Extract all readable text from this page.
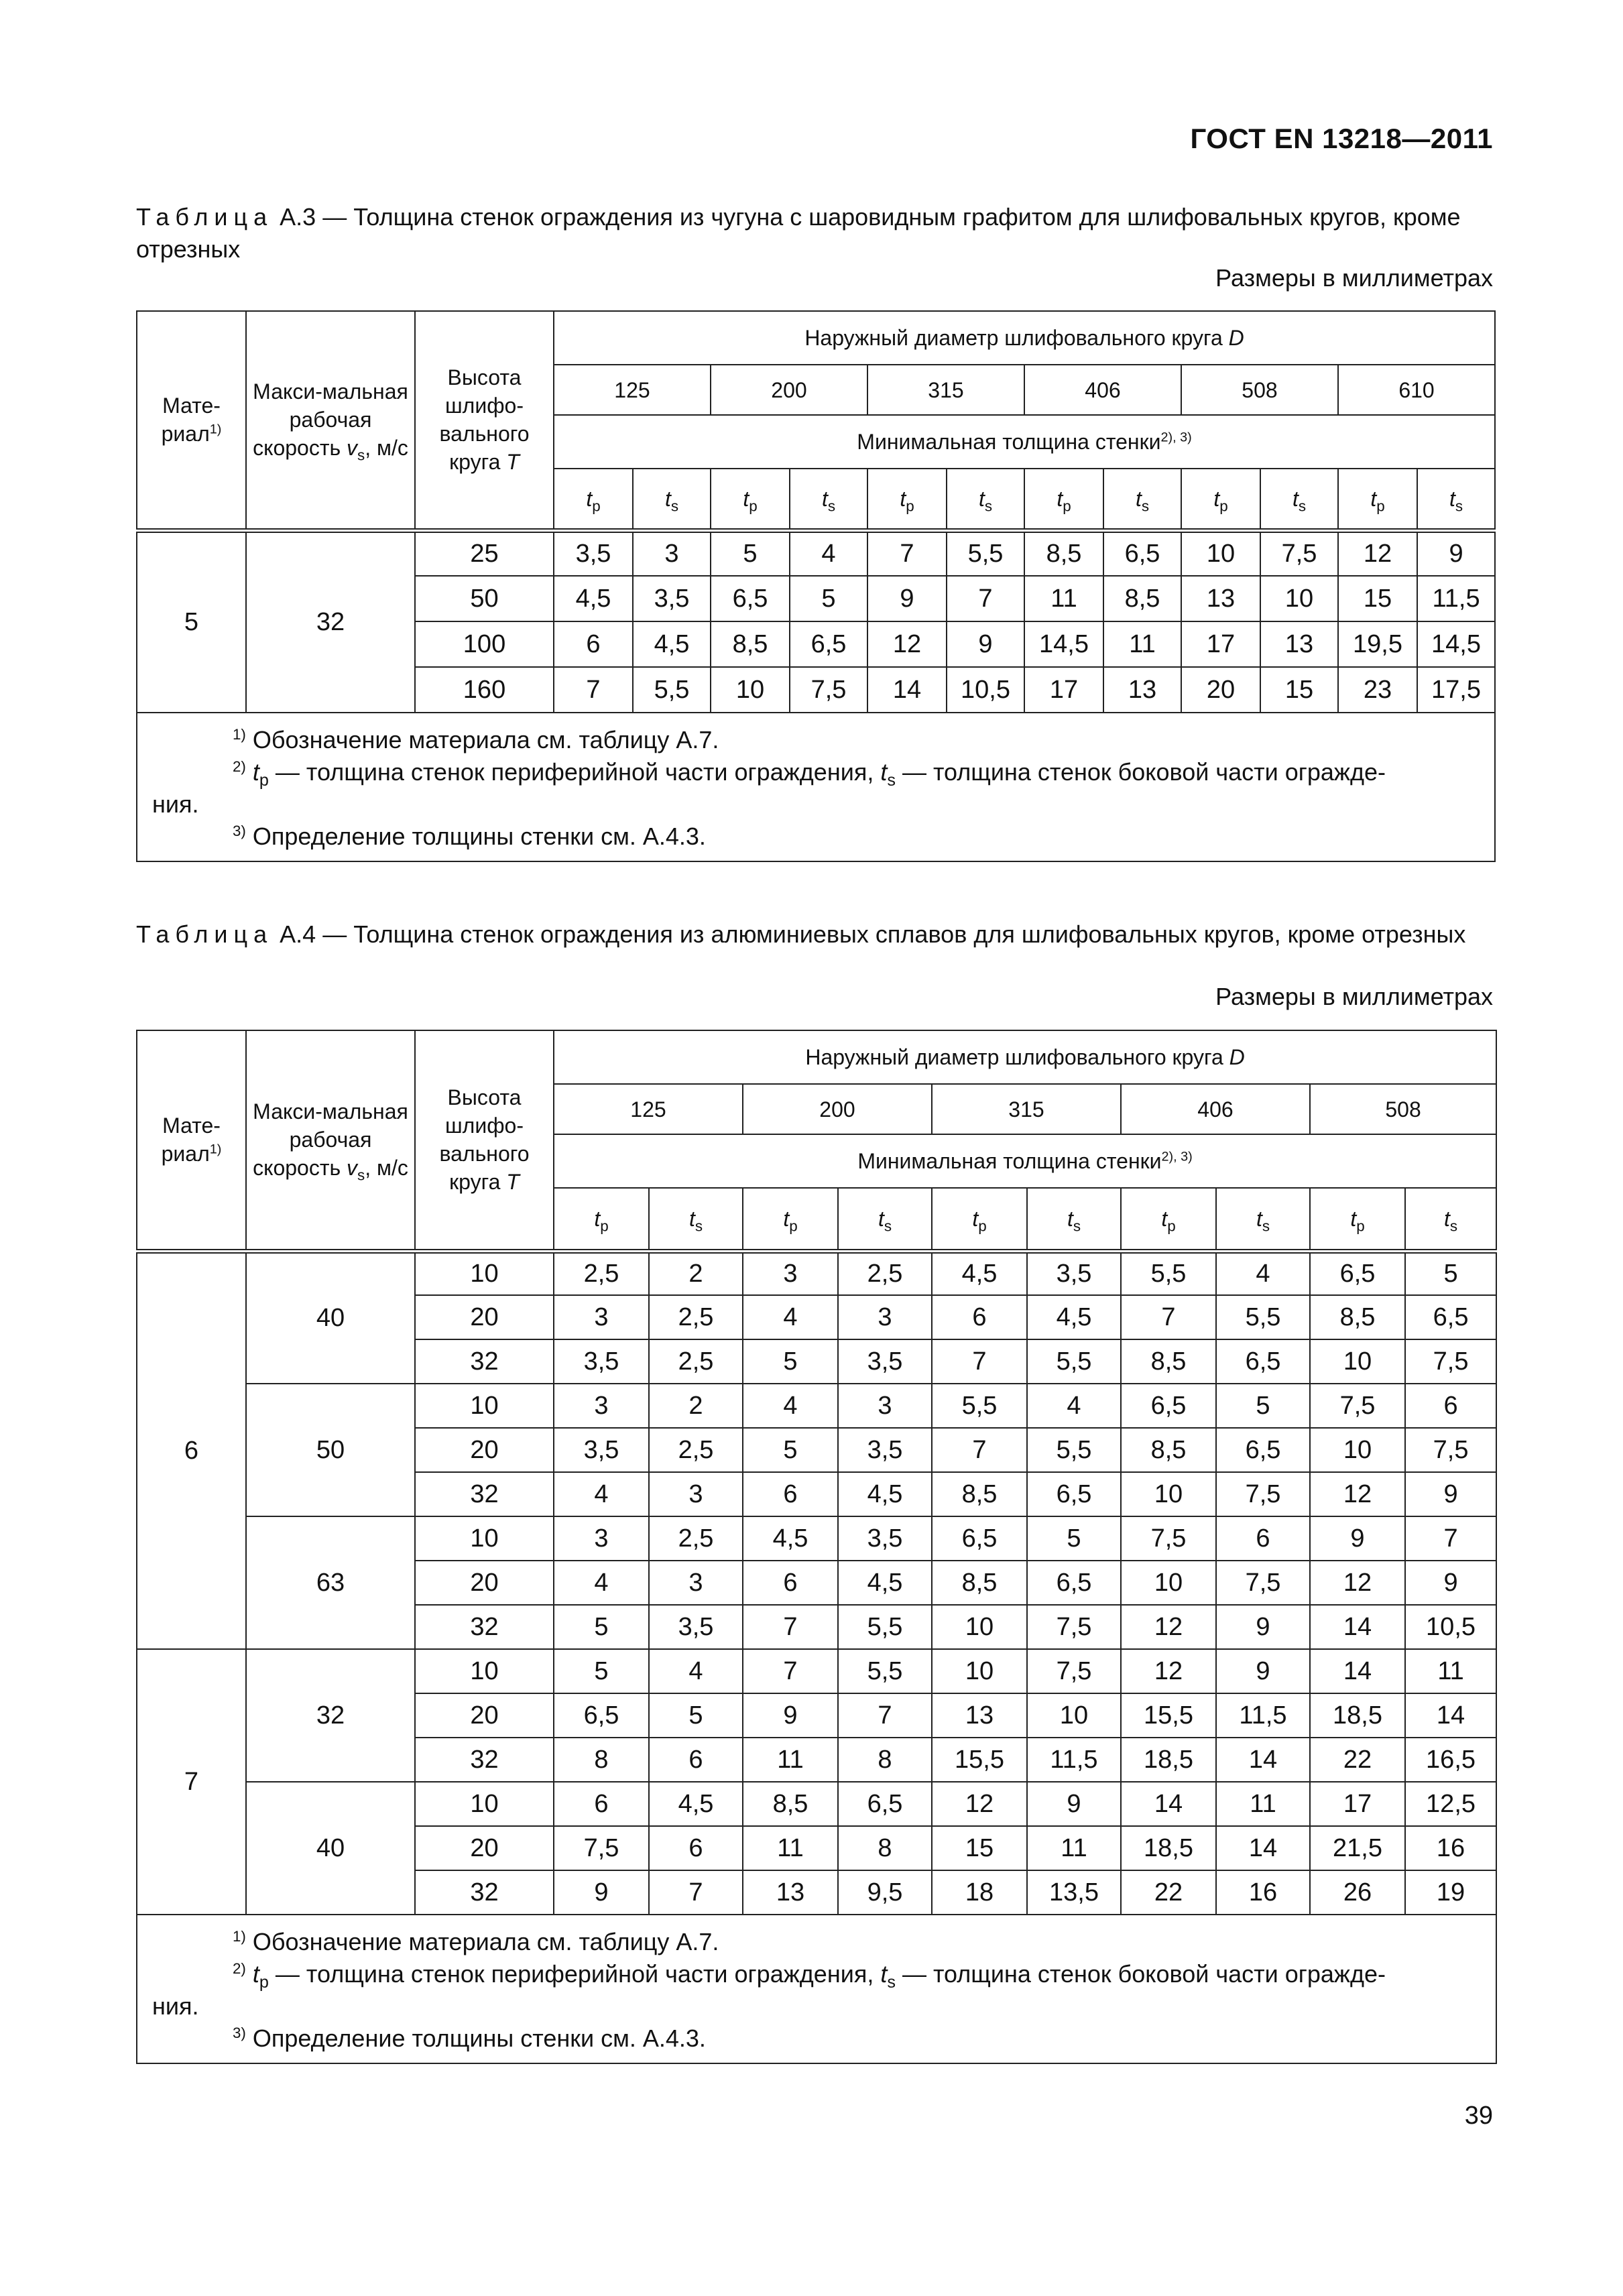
ГОСТ EN 13218—2011
Таблица А.3 — Толщина стенок ограждения из чугуна с шаровидным графитом для шлифовальных кругов, кроме отрезных
Размеры в миллиметрах
Мате-риал$^{1)}$	Макси-мальная рабочая скорость $v_s$, м/с	Высота шлифо-вального круга T	Наружный диаметр шлифовального круга D											
			125		200		315		406		508		610	
			Минимальная толщина стенки$^{2), 3)}$
			$t_p$	$t_s$	$t_p$	$t_s$	$t_p$	$t_s$	$t_p$	$t_s$	$t_p$	$t_s$	$t_p$	$t_s$
5	32	25	3,5	3	5	4	7	5,5	8,5	6,5	10	7,5	12	9
		50	4,5	3,5	6,5	5	9	7	11	8,5	13	10	15	11,5
		100	6	4,5	8,5	6,5	12	9	14,5	11	17	13	19,5	14,5
		160	7	5,5	10	7,5	14	10,5	17	13	20	15	23	17,5

$^{1)}$ Обозначение материала см. таблицу А.7.
$^{2)}$ $t_p$ — толщина стенок периферийной части ограждения, $t_s$ — толщина стенок боковой части огражде-
ния.
$^{3)}$ Определение толщины стенки см. А.4.3.														
Таблица А.4 — Толщина стенок ограждения из алюминиевых сплавов для шлифовальных кругов, кроме отрезных
Размеры в миллиметрах
Мате-риал$^{1)}$	Макси-мальная рабочая скорость $v_s$, м/с	Высота шлифо-вального круга T	Наружный диаметр шлифовального круга D									
			125		200		315		406		508	
			Минимальная толщина стенки$^{2), 3)}$
			$t_p$	$t_s$	$t_p$	$t_s$	$t_p$	$t_s$	$t_p$	$t_s$	$t_p$	$t_s$
6	40	10	2,5	2	3	2,5	4,5	3,5	5,5	4	6,5	5
		20	3	2,5	4	3	6	4,5	7	5,5	8,5	6,5
		32	3,5	2,5	5	3,5	7	5,5	8,5	6,5	10	7,5
	50	10	3	2	4	3	5,5	4	6,5	5	7,5	6
		20	3,5	2,5	5	3,5	7	5,5	8,5	6,5	10	7,5
		32	4	3	6	4,5	8,5	6,5	10	7,5	12	9
	63	10	3	2,5	4,5	3,5	6,5	5	7,5	6	9	7
		20	4	3	6	4,5	8,5	6,5	10	7,5	12	9
		32	5	3,5	7	5,5	10	7,5	12	9	14	10,5
7	32	10	5	4	7	5,5	10	7,5	12	9	14	11
		20	6,5	5	9	7	13	10	15,5	11,5	18,5	14
		32	8	6	11	8	15,5	11,5	18,5	14	22	16,5
	40	10	6	4,5	8,5	6,5	12	9	14	11	17	12,5
		20	7,5	6	11	8	15	11	18,5	14	21,5	16
		32	9	7	13	9,5	18	13,5	22	16	26	19

$^{1)}$ Обозначение материала см. таблицу А.7.
$^{2)}$ $t_p$ — толщина стенок периферийной части ограждения, $t_s$ — толщина стенок боковой части огражде-
ния.
$^{3)}$ Определение толщины стенки см. А.4.3.												
39
